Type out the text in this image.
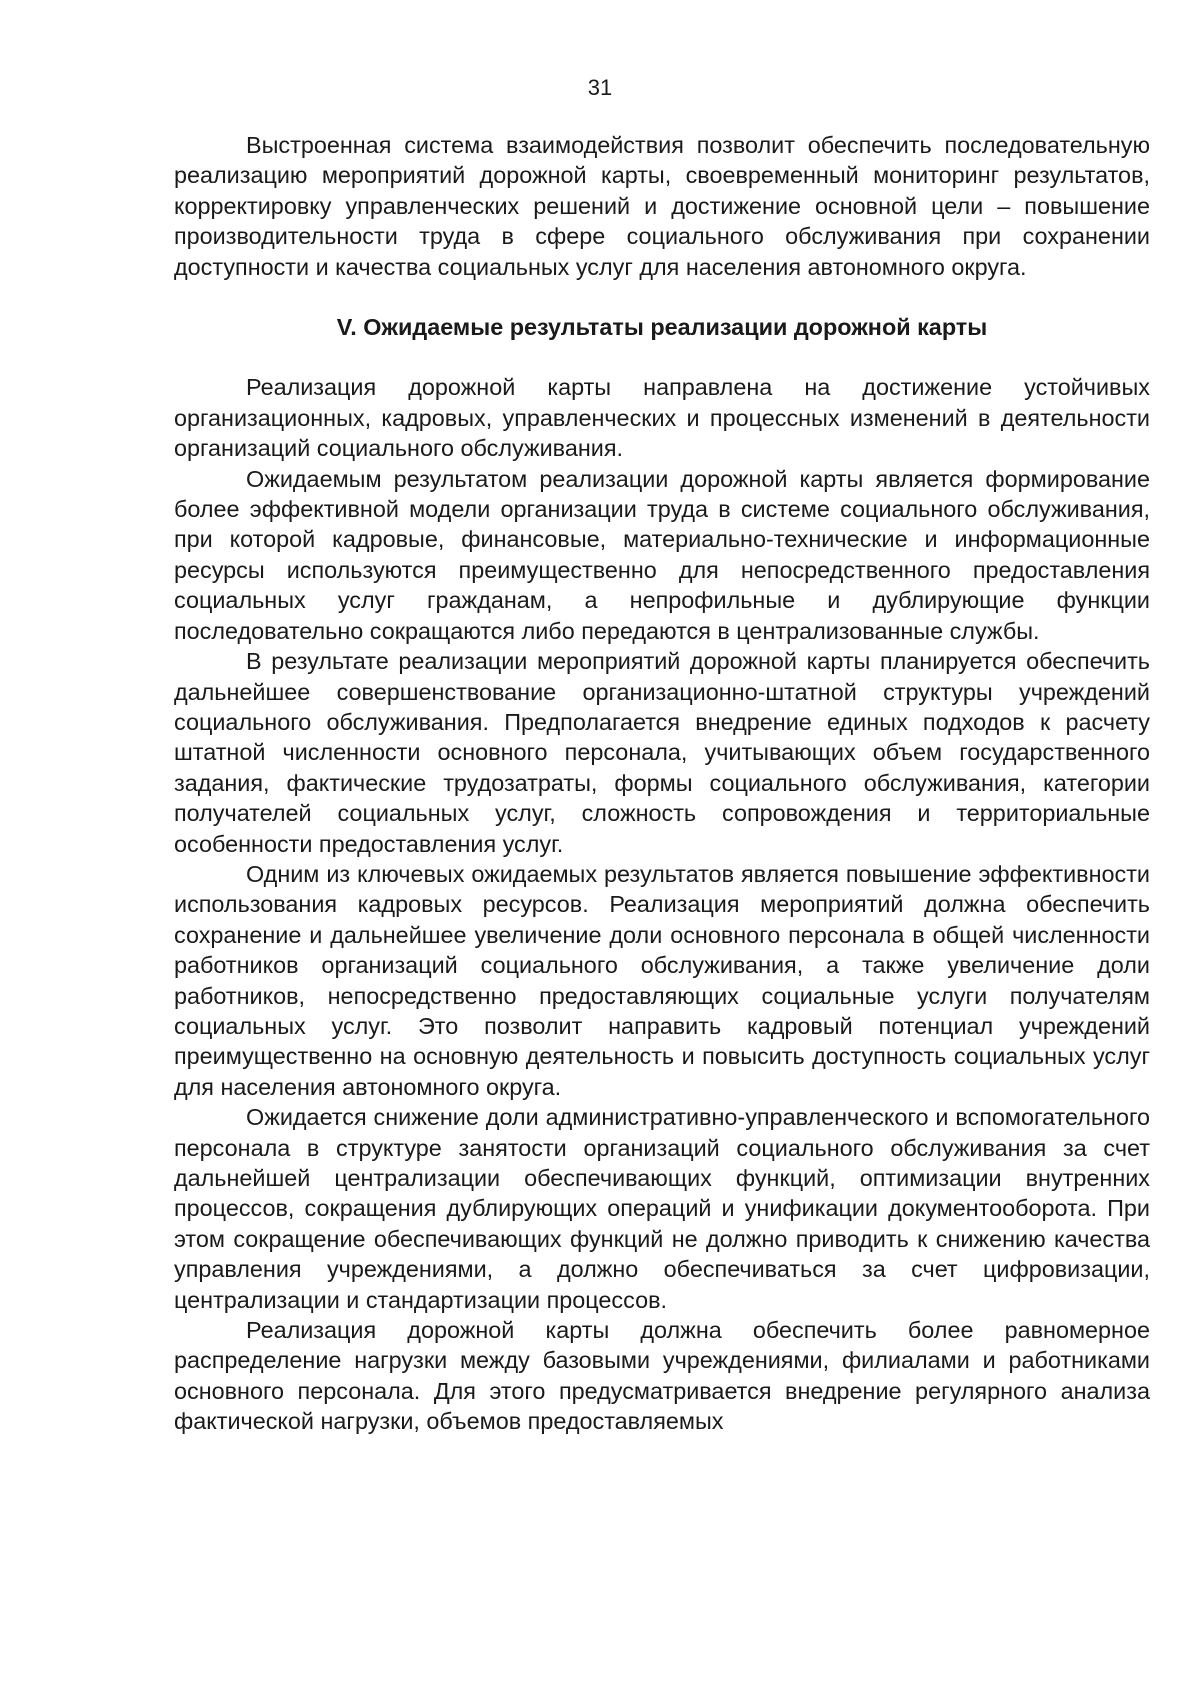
31

Выстроенная система взаимодействия позволит обеспечить последовательную реализацию мероприятий дорожной карты, своевременный мониторинг результатов, корректировку управленческих решений и достижение основной цели – повышение производительности труда в сфере социального обслуживания при сохранении доступности и качества социальных услуг для населения автономного округа.

V. Ожидаемые результаты реализации дорожной карты

Реализация дорожной карты направлена на достижение устойчивых организационных, кадровых, управленческих и процессных изменений в деятельности организаций социального обслуживания.

Ожидаемым результатом реализации дорожной карты является формирование более эффективной модели организации труда в системе социального обслуживания, при которой кадровые, финансовые, материально-технические и информационные ресурсы используются преимущественно для непосредственного предоставления социальных услуг гражданам, а непрофильные и дублирующие функции последовательно сокращаются либо передаются в централизованные службы.

В результате реализации мероприятий дорожной карты планируется обеспечить дальнейшее совершенствование организационно-штатной структуры учреждений социального обслуживания. Предполагается внедрение единых подходов к расчету штатной численности основного персонала, учитывающих объем государственного задания, фактические трудозатраты, формы социального обслуживания, категории получателей социальных услуг, сложность сопровождения и территориальные особенности предоставления услуг.

Одним из ключевых ожидаемых результатов является повышение эффективности использования кадровых ресурсов. Реализация мероприятий должна обеспечить сохранение и дальнейшее увеличение доли основного персонала в общей численности работников организаций социального обслуживания, а также увеличение доли работников, непосредственно предоставляющих социальные услуги получателям социальных услуг. Это позволит направить кадровый потенциал учреждений преимущественно на основную деятельность и повысить доступность социальных услуг для населения автономного округа.

Ожидается снижение доли административно-управленческого и вспомогательного персонала в структуре занятости организаций социального обслуживания за счет дальнейшей централизации обеспечивающих функций, оптимизации внутренних процессов, сокращения дублирующих операций и унификации документооборота. При этом сокращение обеспечивающих функций не должно приводить к снижению качества управления учреждениями, а должно обеспечиваться за счет цифровизации, централизации и стандартизации процессов.

Реализация дорожной карты должна обеспечить более равномерное распределение нагрузки между базовыми учреждениями, филиалами и работниками основного персонала. Для этого предусматривается внедрение регулярного анализа фактической нагрузки, объемов предоставляемых
